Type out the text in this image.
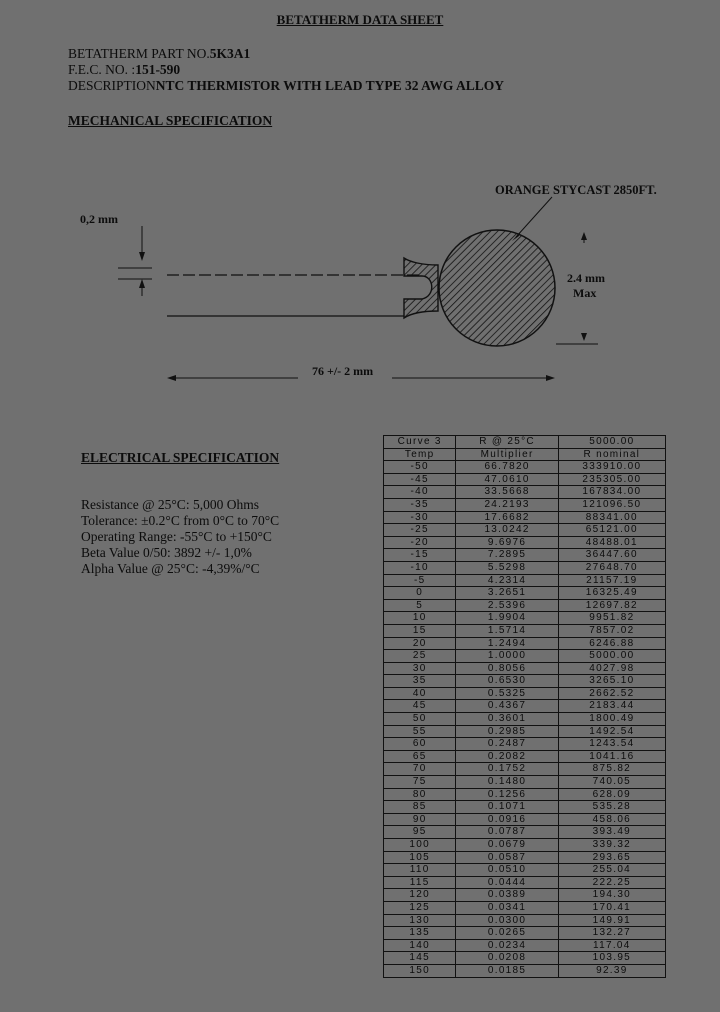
BETATHERM DATA SHEET
BETATHERM PART NO.5K3A1
F.E.C. NO. :151-590
DESCRIPTIONNTC THERMISTOR WITH LEAD TYPE 32 AWG ALLOY
MECHANICAL SPECIFICATION
0,2 mm
ORANGE STYCAST 2850FT.
2.4 mm
Max
76 +/- 2 mm
ELECTRICAL SPECIFICATION
Resistance @ 25°C: 5,000 Ohms
Tolerance: ±0.2°C from 0°C to 70°C
Operating Range: -55°C to +150°C
Beta Value 0/50: 3892 +/- 1,0%
Alpha Value @ 25°C: -4,39%/°C
Curve 3	R @ 25°C	5000.00
Temp	Multiplier	R nominal
-50	66.7820	333910.00
-45	47.0610	235305.00
-40	33.5668	167834.00
-35	24.2193	121096.50
-30	17.6682	88341.00
-25	13.0242	65121.00
-20	9.6976	48488.01
-15	7.2895	36447.60
-10	5.5298	27648.70
-5	4.2314	21157.19
0	3.2651	16325.49
5	2.5396	12697.82
10	1.9904	9951.82
15	1.5714	7857.02
20	1.2494	6246.88
25	1.0000	5000.00
30	0.8056	4027.98
35	0.6530	3265.10
40	0.5325	2662.52
45	0.4367	2183.44
50	0.3601	1800.49
55	0.2985	1492.54
60	0.2487	1243.54
65	0.2082	1041.16
70	0.1752	875.82
75	0.1480	740.05
80	0.1256	628.09
85	0.1071	535.28
90	0.0916	458.06
95	0.0787	393.49
100	0.0679	339.32
105	0.0587	293.65
110	0.0510	255.04
115	0.0444	222.25
120	0.0389	194.30
125	0.0341	170.41
130	0.0300	149.91
135	0.0265	132.27
140	0.0234	117.04
145	0.0208	103.95
150	0.0185	92.39
